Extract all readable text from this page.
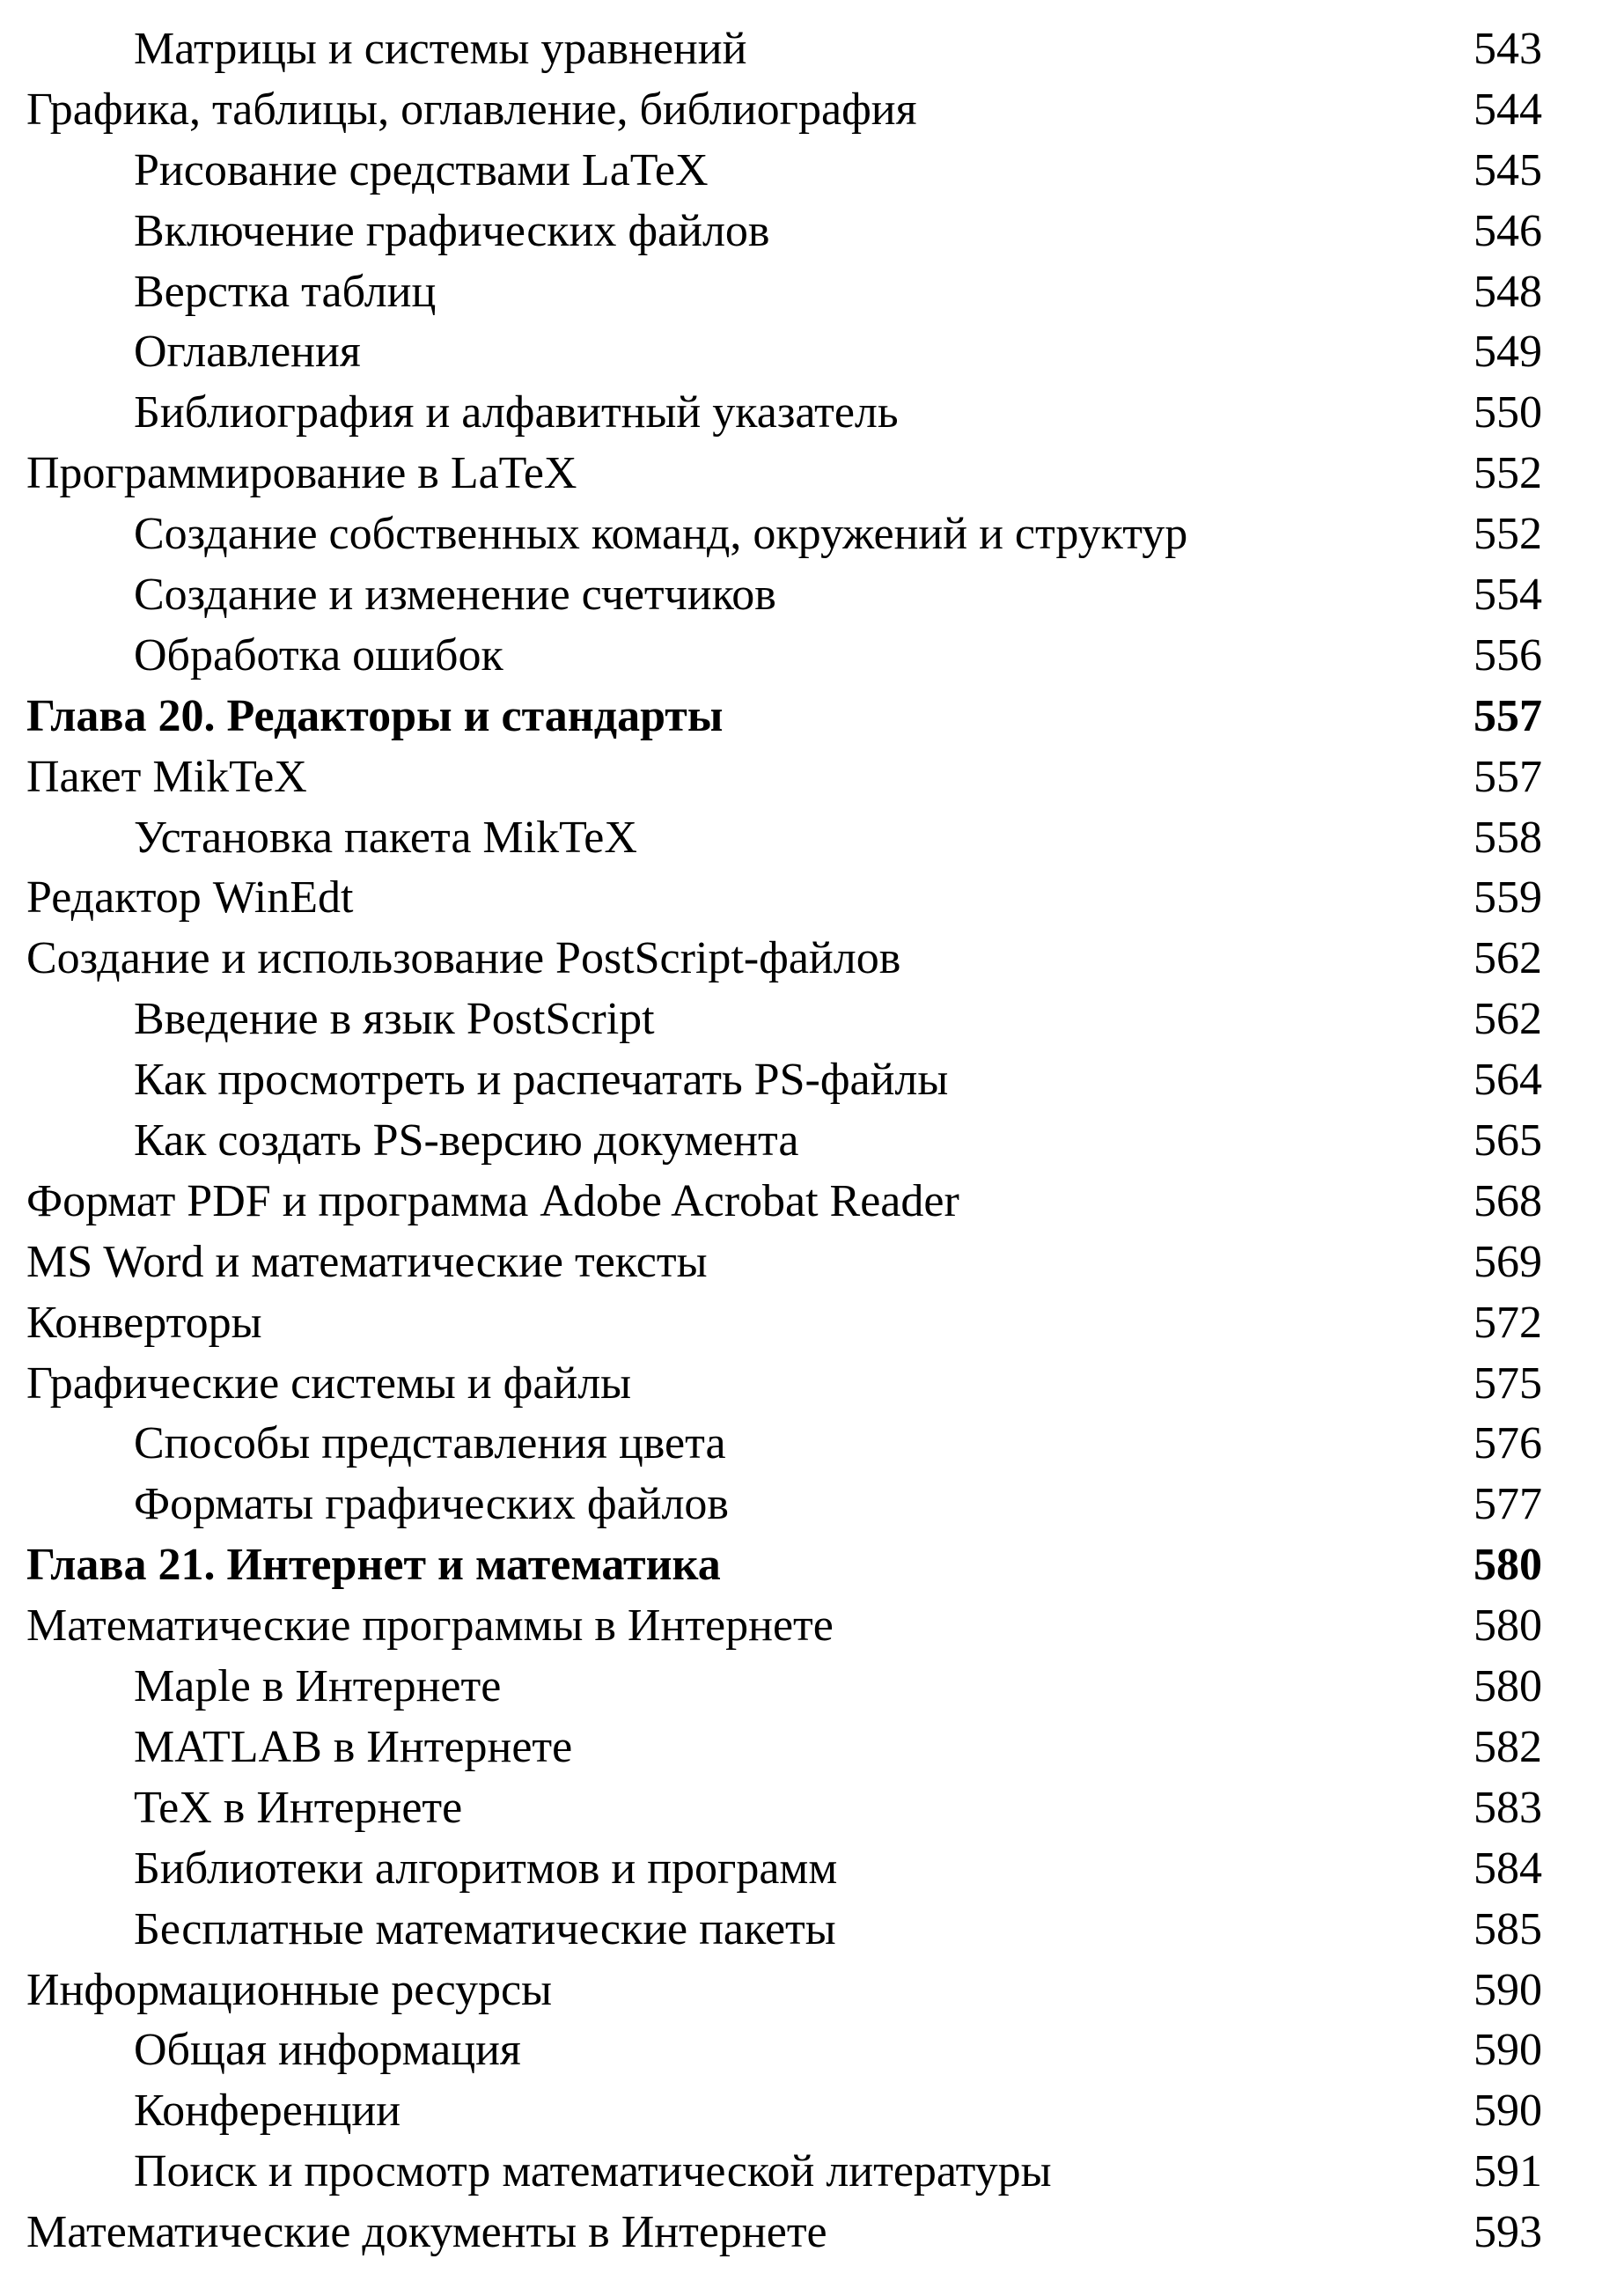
Матрицы и системы уравнений	543
Графика, таблицы, оглавление, библиография	544
Рисование средствами LaTeX	545
Включение графических файлов	546
Верстка таблиц	548
Оглавления	549
Библиография и алфавитный указатель	550
Программирование в LaTeX	552
Создание собственных команд, окружений и структур	552
Создание и изменение счетчиков	554
Обработка ошибок	556
Глава 20. Редакторы и стандарты	557
Пакет MikTeX	557
Установка пакета MikTeX	558
Редактор WinEdt	559
Создание и использование PostScript-файлов	562
Введение в язык PostScript	562
Как просмотреть и распечатать PS-файлы	564
Как создать PS-версию документа	565
Формат PDF и программа Adobe Acrobat Reader	568
MS Word и математические тексты	569
Конверторы	572
Графические системы и файлы	575
Способы представления цвета	576
Форматы графических файлов	577
Глава 21. Интернет и математика	580
Математические программы в Интернете	580
Maple в Интернете	580
MATLAB в Интернете	582
TeX в Интернете	583
Библиотеки алгоритмов и программ	584
Бесплатные математические пакеты	585
Информационные ресурсы	590
Общая информация	590
Конференции	590
Поиск и просмотр математической литературы	591
Математические документы в Интернете	593
